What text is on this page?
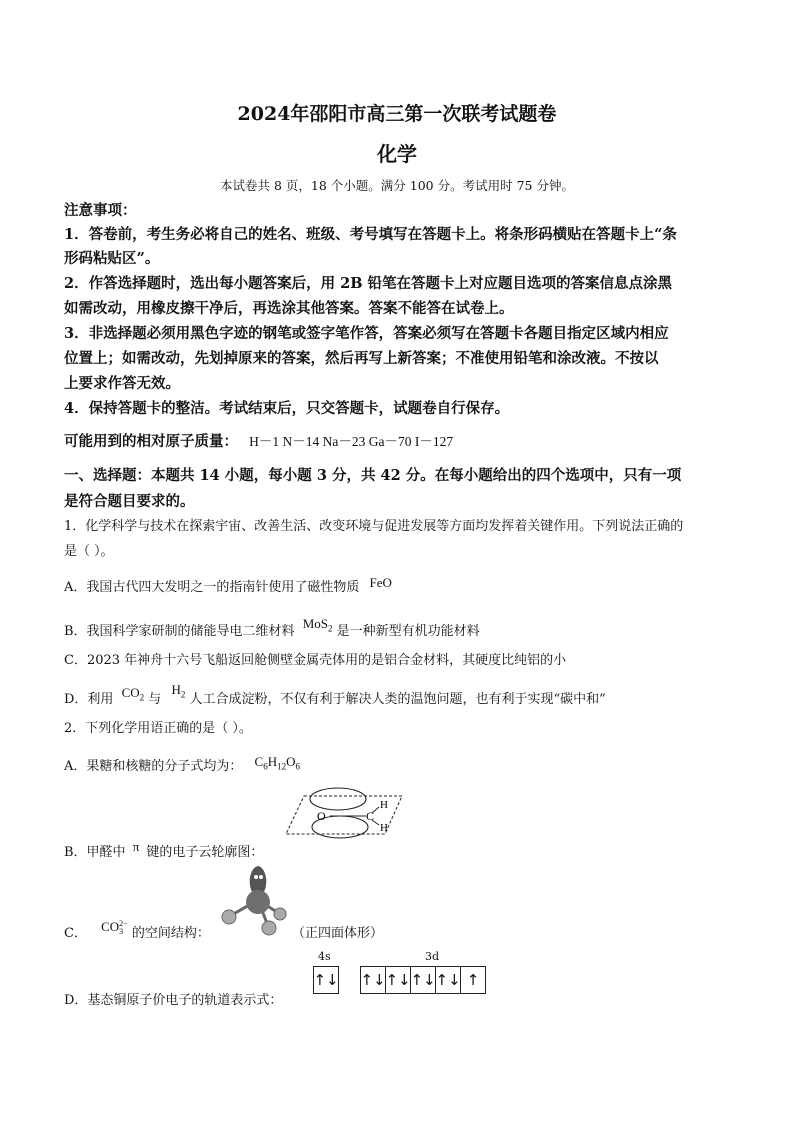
2024年邵阳市高三第一次联考试题卷
化学
本试卷共 8 页，18 个小题。满分 100 分。考试用时 75 分钟。
注意事项：
1．答卷前，考生务必将自己的姓名、班级、考号填写在答题卡上。将条形码横贴在答题卡上“条
形码粘贴区”。
2．作答选择题时，选出每小题答案后，用 2B 铅笔在答题卡上对应题目选项的答案信息点涂黑
如需改动，用橡皮擦干净后，再选涂其他答案。答案不能答在试卷上。
3．非选择题必须用黑色字迹的钢笔或签字笔作答，答案必须写在答题卡各题目指定区域内相应
位置上；如需改动，先划掉原来的答案，然后再写上新答案；不准使用铅笔和涂改液。不按以
上要求作答无效。
4．保持答题卡的整洁。考试结束后，只交答题卡，试题卷自行保存。
可能用到的相对原子质量： H－1 N－14 Na－23 Ga－70 I－127
一、选择题：本题共 14 小题，每小题 3 分，共 42 分。在每小题给出的四个选项中，只有一项
是符合题目要求的。
1．化学科学与技术在探索宇宙、改善生活、改变环境与促进发展等方面均发挥着关键作用。下列说法正确的
是（ ）。
A．我国古代四大发明之一的指南针使用了磁性物质 FeO
B．我国科学家研制的储能导电二维材料 MoS$_2$ 是一种新型有机功能材料
C．2023 年神舟十六号飞船返回舱侧壁金属壳体用的是铝合金材料，其硬度比纯铝的小
D．利用 $CO_2$ 与 $H_2$ 人工合成淀粉，不仅有利于解决人类的温饱问题，也有利于实现“碳中和”
2．下列化学用语正确的是（ ）。
A．果糖和核糖的分子式均为： $C_6H_{12}O_6$
B．甲醛中 π 键的电子云轮廓图：
O	C
H
H
C． CO 2−
3 的空间结构：	（正四面体形）
4s	3d
↑↓ ↑↓ ↑↓ ↑↓ ↑↓ ↑
D．基态铜原子价电子的轨道表示式：
